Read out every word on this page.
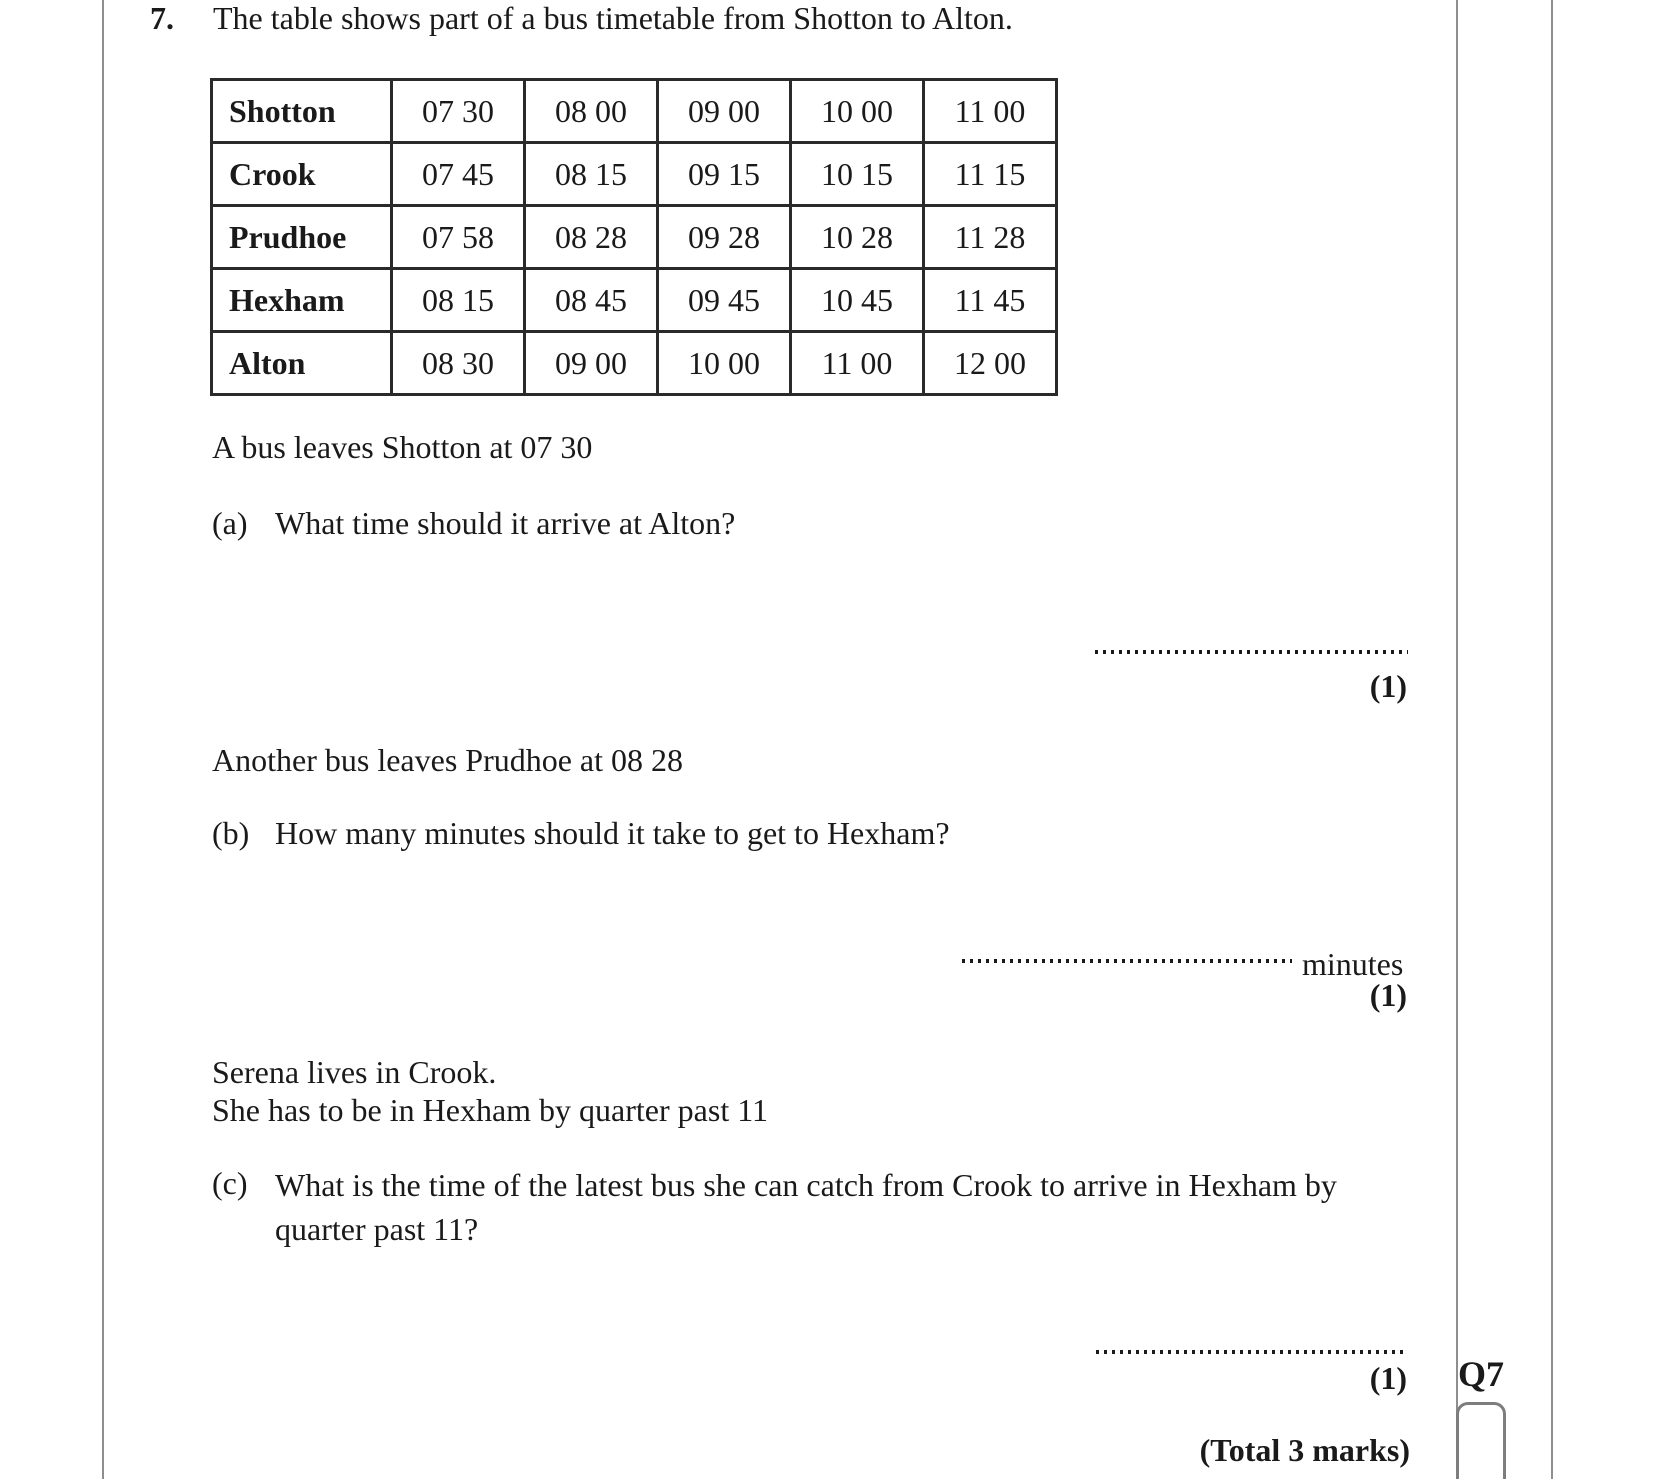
7. The table shows part of a bus timetable from Shotton to Alton.
Shotton	07 30	08 00	09 00	10 00	11 00
Crook	07 45	08 15	09 15	10 15	11 15
Prudhoe	07 58	08 28	09 28	10 28	11 28
Hexham	08 15	08 45	09 45	10 45	11 45
Alton	08 30	09 00	10 00	11 00	12 00
A bus leaves Shotton at 07 30
(a) What time should it arrive at Alton?
(1)
Another bus leaves Prudhoe at 08 28
(b) How many minutes should it take to get to Hexham?
minutes
(1)
Serena lives in Crook.
She has to be in Hexham by quarter past 11
(c) What is the time of the latest bus she can catch from Crook to arrive in Hexham by
quarter past 11?
(1) Q7
(Total 3 marks)
